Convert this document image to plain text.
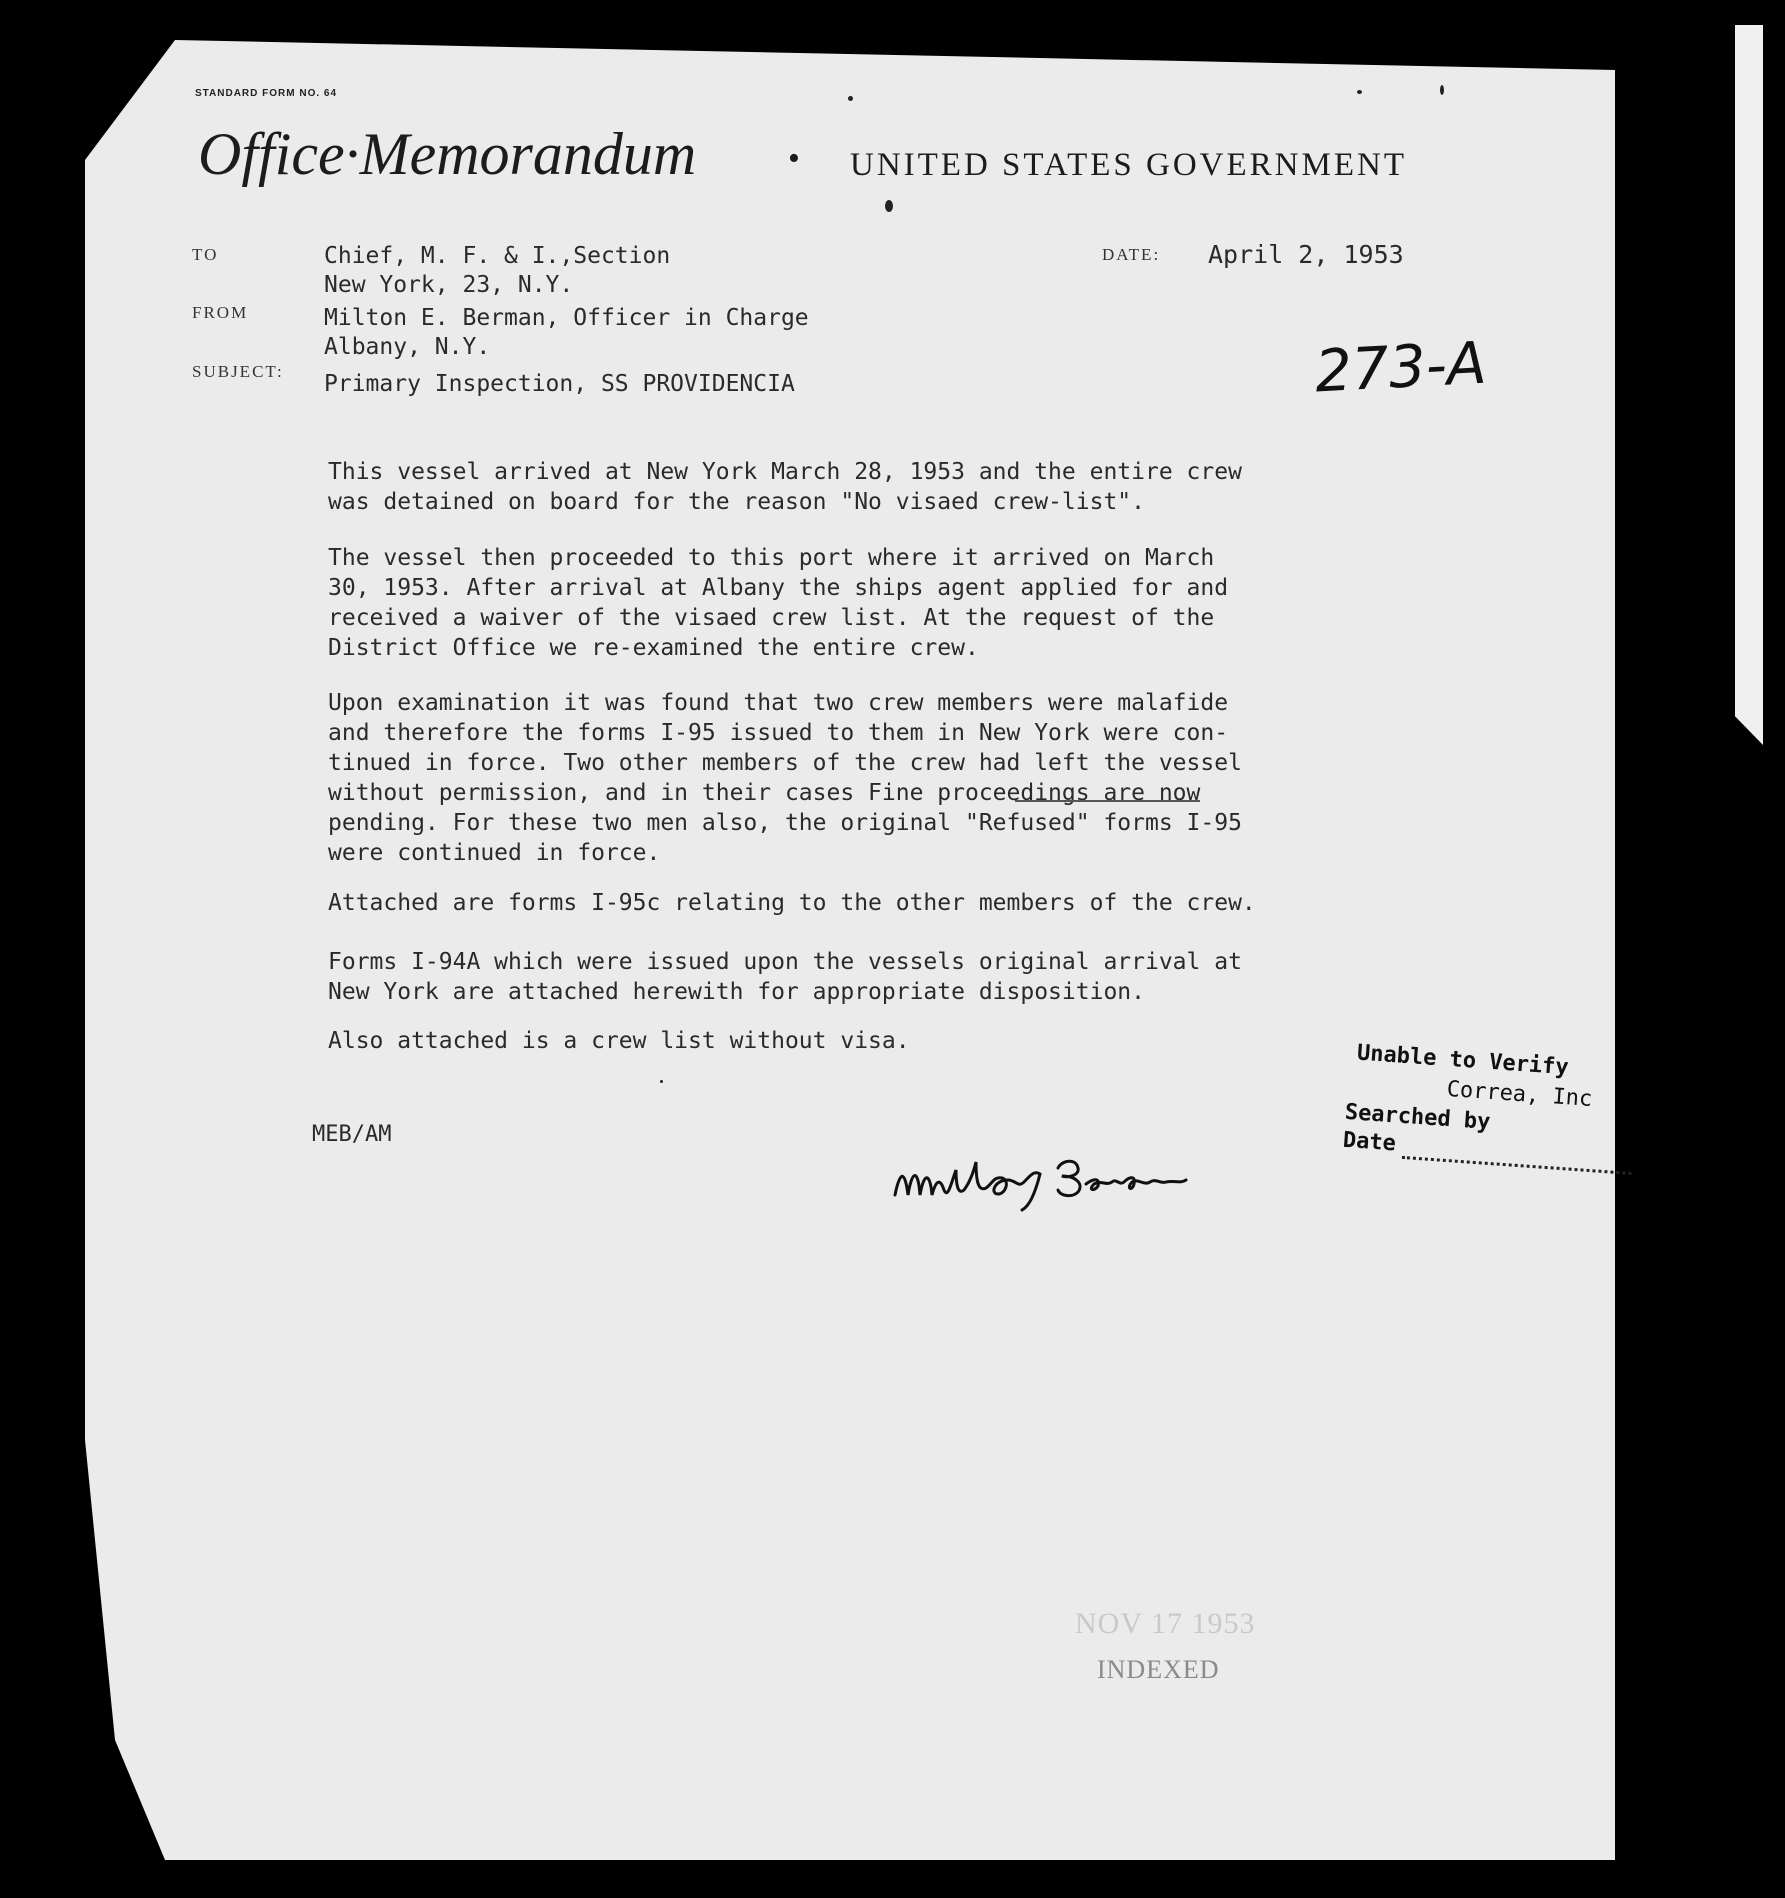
STANDARD FORM NO. 64
Office·Memorandum	• UNITED STATES GOVERNMENT
TO	Chief, M. F. & I.,Section
New York, 23, N.Y.
FROM	Milton E. Berman, Officer in Charge
Albany, N.Y.
SUBJECT: Primary Inspection, SS PROVIDENCIA
DATE: April 2, 1953
273-A
This vessel arrived at New York March 28, 1953 and the entire crew
was detained on board for the reason "No visaed crew-list".
The vessel then proceeded to this port where it arrived on March
30, 1953. After arrival at Albany the ships agent applied for and
received a waiver of the visaed crew list. At the request of the
District Office we re-examined the entire crew.
Upon examination it was found that two crew members were malafide
and therefore the forms I-95 issued to them in New York were con-
tinued in force. Two other members of the crew had left the vessel
without permission, and in their cases Fine proceedings are now
pending. For these two men also, the original "Refused" forms I-95
were continued in force.
Attached are forms I-95c relating to the other members of the crew.
Forms I-94A which were issued upon the vessels original arrival at
New York are attached herewith for appropriate disposition.
Also attached is a crew list without visa.
MEB/AM
Unable to Verify
Correa, Inc
Searched by
Date
NOV 17 1953
INDEXED
